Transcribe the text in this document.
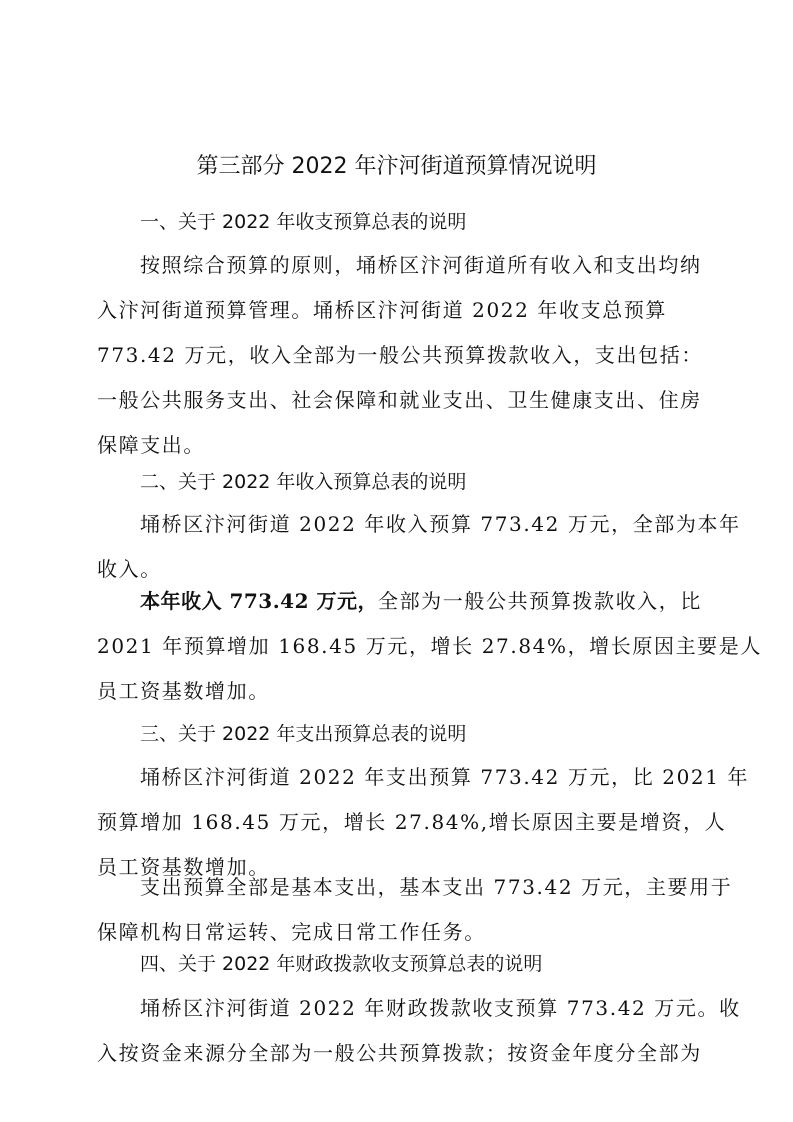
第三部分 2022 年汴河街道预算情况说明
一、关于 2022 年收支预算总表的说明
按照综合预算的原则，埇桥区汴河街道所有收入和支出均纳
入汴河街道预算管理。埇桥区汴河街道 2022 年收支总预算
773.42 万元，收入全部为一般公共预算拨款收入，支出包括：
一般公共服务支出、社会保障和就业支出、卫生健康支出、住房
保障支出。
二、关于 2022 年收入预算总表的说明
埇桥区汴河街道 2022 年收入预算 773.42 万元，全部为本年
收入。
本年收入 773.42 万元，全部为一般公共预算拨款收入，比
2021 年预算增加 168.45 万元，增长 27.84%，增长原因主要是人
员工资基数增加。
三、关于 2022 年支出预算总表的说明
埇桥区汴河街道 2022 年支出预算 773.42 万元，比 2021 年
预算增加 168.45 万元，增长 27.84%,增长原因主要是增资，人
员工资基数增加。
支出预算全部是基本支出，基本支出 773.42 万元，主要用于
保障机构日常运转、完成日常工作任务。
四、关于 2022 年财政拨款收支预算总表的说明
埇桥区汴河街道 2022 年财政拨款收支预算 773.42 万元。收
入按资金来源分全部为一般公共预算拨款；按资金年度分全部为
